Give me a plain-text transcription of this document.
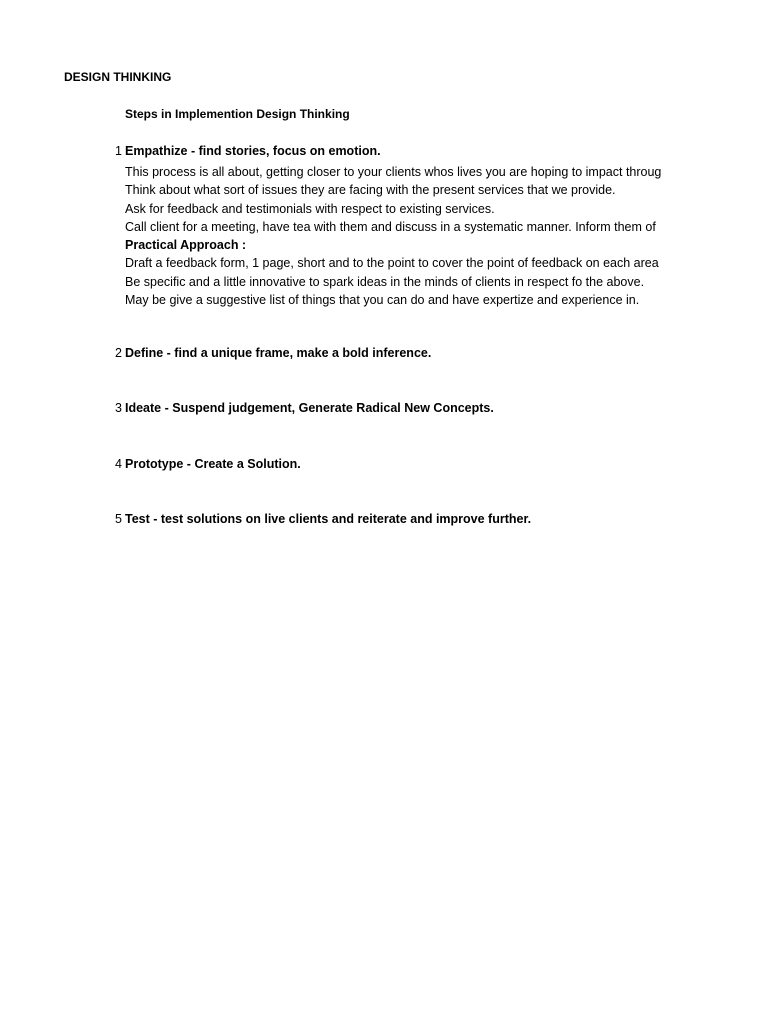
DESIGN THINKING
Steps in Implemention Design Thinking
1 Empathize - find stories, focus on emotion.
This process is all about, getting closer to your clients whos lives you are hoping to impact throug
Think about what sort of issues they are facing with the present services that we provide.
Ask for feedback and testimonials with respect to existing services.
Call client for a meeting, have tea with them and discuss in a systematic manner. Inform them of
Practical Approach :
Draft a feedback form, 1 page, short and to the point to cover the point of feedback on each area
Be specific and a little innovative to spark ideas in the minds of clients in respect fo the above.
May be give a suggestive list of things that you can do and have expertize and experience in.
2 Define - find a unique frame, make a bold inference.
3 Ideate - Suspend judgement, Generate Radical New Concepts.
4 Prototype - Create a Solution.
5 Test - test solutions on live clients and reiterate and improve further.
